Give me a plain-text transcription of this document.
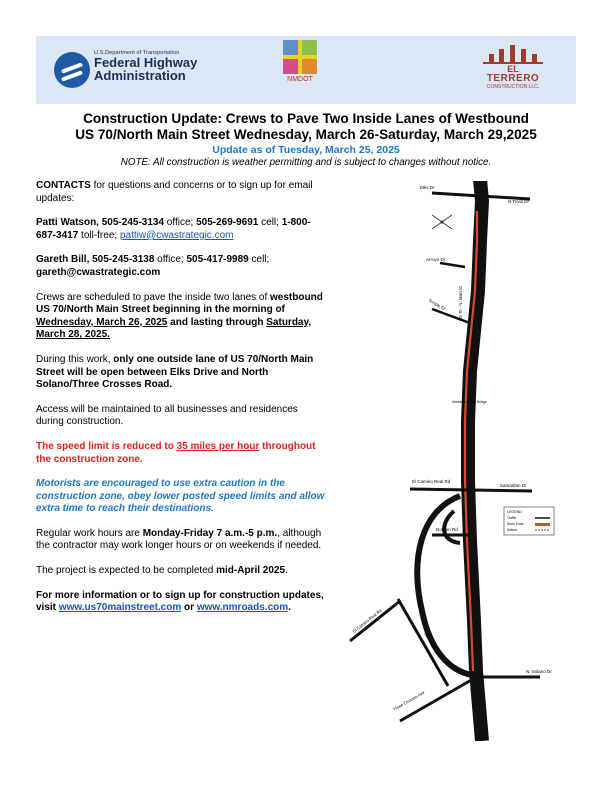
U.S.Department of Transportation
Federal Highway
Administration	NMDOT
EL
TERRERO
CONSTRUCTION LLC.
Construction Update: Crews to Pave Two Inside Lanes of Westbound
US 70/North Main Street Wednesday, March 26-Saturday, March 29,2025
Update as of Tuesday, March 25, 2025
NOTE: All construction is weather permitting and is subject to changes without notice.

CONTACTS for questions and concerns or to sign up for email updates:

Patti Watson, 505-245-3134 office; 505-269-9691 cell; 1-800-687-3417 toll-free; pattiw@cwastrategic.com

Gareth Bill, 505-245-3138 office; 505-417-9989 cell;
gareth@cwastrategic.com

Crews are scheduled to pave the inside two lanes of westbound US 70/North Main Street beginning in the morning of Wednesday, March 26, 2025 and lasting through Saturday, March 28, 2025.

During this work, only one outside lane of US 70/North Main Street will be open between Elks Drive and North Solano/Three Crosses Road.

Access will be maintained to all businesses and residences during construction.

The speed limit is reduced to 35 miles per hour throughout the construction zone.

Motorists are encouraged to use extra caution in the construction zone, obey lower posted speed limits and allow extra time to reach their destinations.

Regular work hours are Monday-Friday 7 a.m.-5 p.m., although the contractor may work longer hours or on weekends if needed.

The project is expected to be completed mid-April 2025.

For more information or to sign up for construction updates, visit www.us70mainstreet.com or www.nmroads.com.

LEGEND
Traffic
Work Zone
Detour
Elks Dr
N Triviz Dr
Arroyo Dr
US 70 - N. Main St
Temple El
Alameda Arroyo Bridge
El Camino Real Rd
Samaritan Dr
Dorden Rd
El Camino Real Rd
Santa Ave
N. Solano Dr
Three Crosses Ave
